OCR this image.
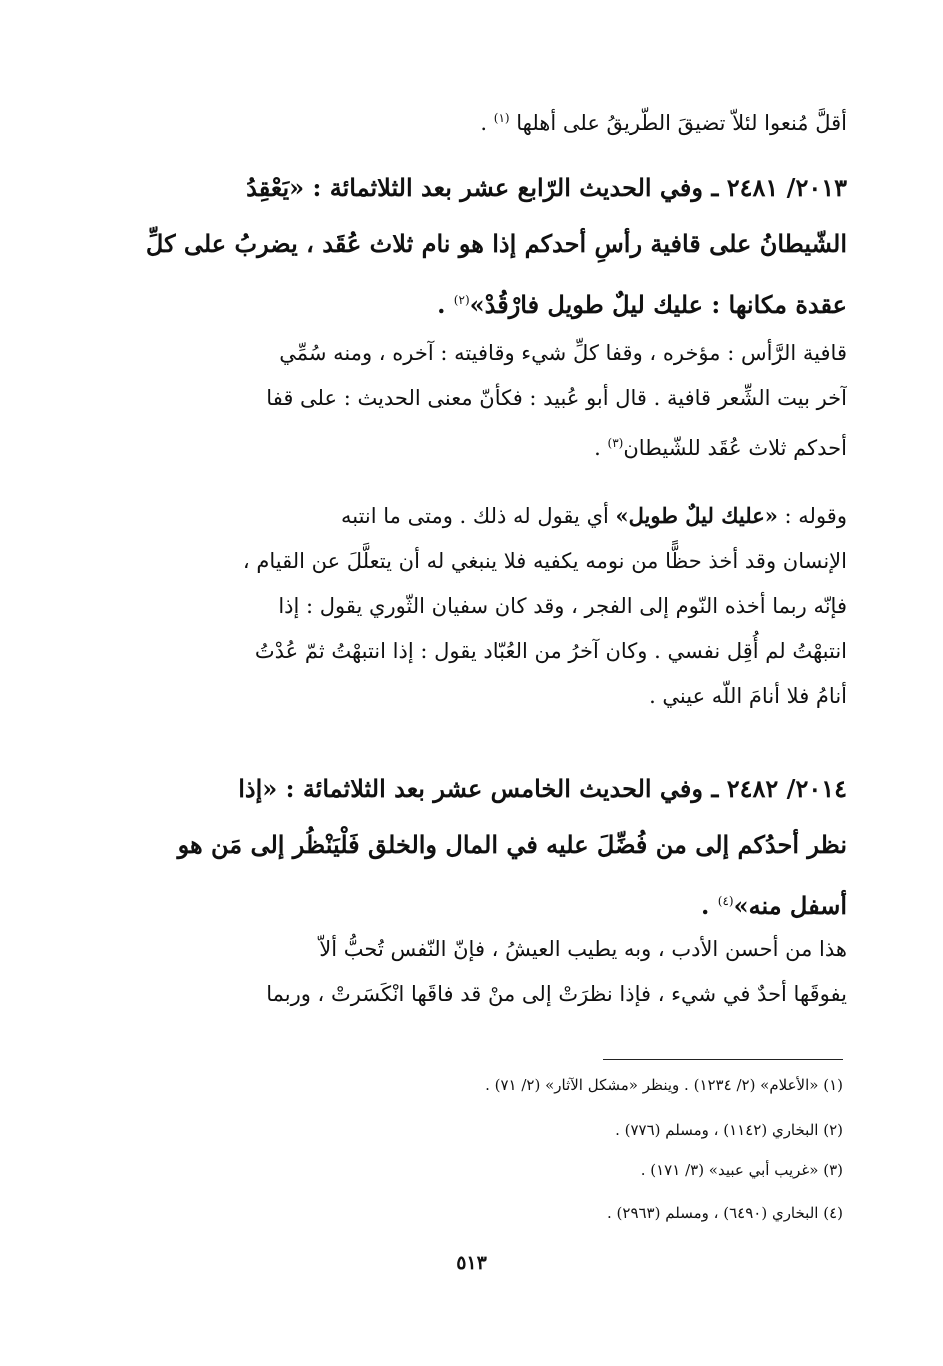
أقلَّ مُنعوا لئلاّ تضيقَ الطّريقُ على أهلها $^{(١)}$ .
٢٠١٣/ ٢٤٨١ ـ وفي الحديث الرّابع عشر بعد الثلاثمائة : «يَعْقِدُ
الشّيطانُ على قافية رأسِ أحدكم إذا هو نام ثلاث عُقَد ، يضربُ على كلِّ
عقدة مكانها : عليك ليلٌ طويل فارْقُدْ»$^{(٢)}$ .
قافية الرَّأس : مؤخره ، وقفا كلِّ شيء وقافيته : آخره ، ومنه سُمِّي
آخر بيت الشِّعر قافية . قال أبو عُبيد : فكأنّ معنى الحديث : على قفا
أحدكم ثلاث عُقَد للشّيطان$^{(٣)}$ .
وقوله : «عليك ليلٌ طويل» أي يقول له ذلك . ومتى ما انتبه
الإنسان وقد أخذ حظًّا من نومه يكفيه فلا ينبغي له أن يتعلَّلَ عن القيام ،
فإنّه ربما أخذه النّوم إلى الفجر ، وقد كان سفيان الثّوري يقول : إذا
انتبهْتُ لم أُقِل نفسي . وكان آخرُ من العُبّاد يقول : إذا انتبهْتُ ثمّ عُدْتُ
أنامُ فلا أنامَ اللّه عيني .
٢٠١٤/ ٢٤٨٢ ـ وفي الحديث الخامس عشر بعد الثلاثمائة : «إذا
نظر أحدُكم إلى من فُضِّلَ عليه في المال والخلق فَلْيَنْظُر إلى مَن هو
أسفل منه»$^{(٤)}$ .
هذا من أحسن الأدب ، وبه يطيب العيشُ ، فإنّ النّفس تُحبُّ ألاّ
يفوقَها أحدٌ في شيء ، فإذا نظرَتْ إلى منْ قد فاقَها انْكَسَرتْ ، وربما
(١) «الأعلام» (٢/ ١٢٣٤) . وينظر «مشكل الآثار» (٢/ ٧١) .
(٢) البخاري (١١٤٢) ، ومسلم (٧٧٦) .
(٣) «غريب أبي عبيد» (٣/ ١٧١) .
(٤) البخاري (٦٤٩٠) ، ومسلم (٢٩٦٣) .
٥١٣
